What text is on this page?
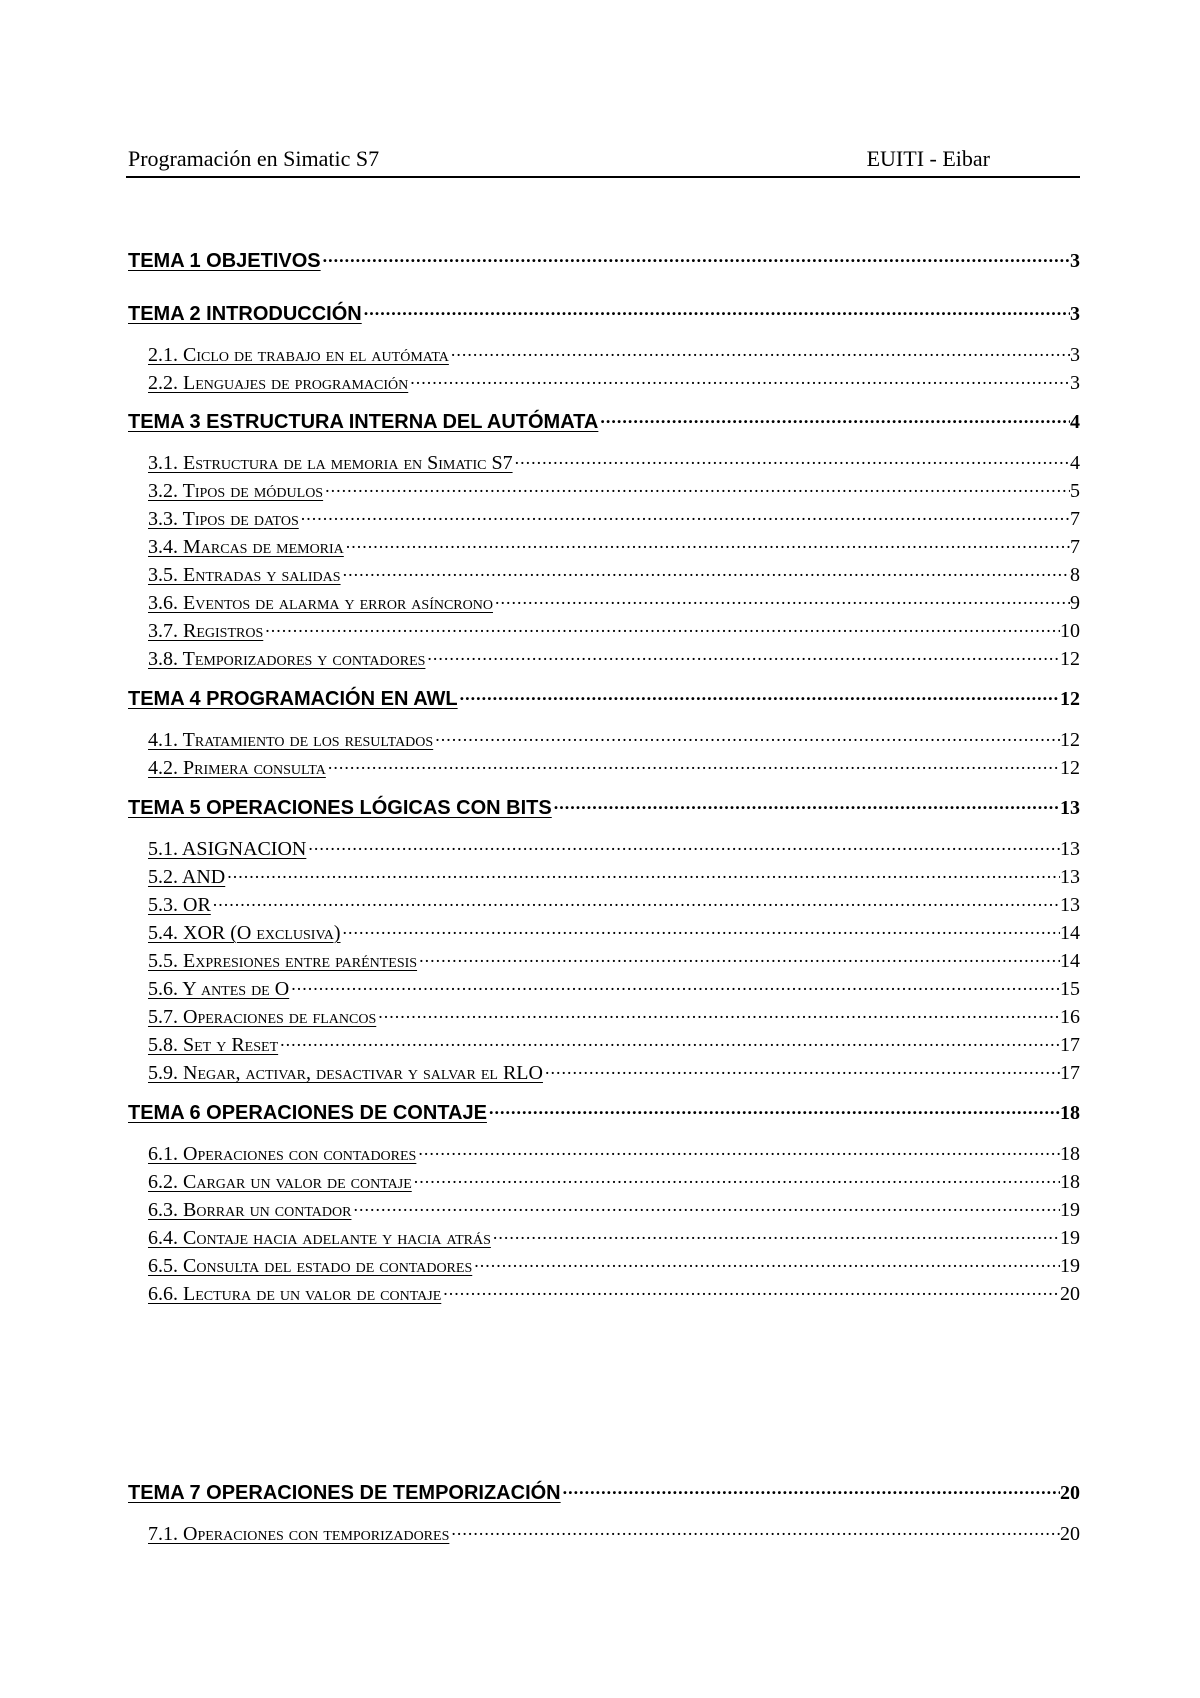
Programación en Simatic S7	EUITI - Eibar
TEMA 1 OBJETIVOS .....	3
TEMA 2 INTRODUCCIÓN .....	3
2.1. Ciclo de trabajo en el autómata .....	3
2.2. Lenguajes de programación .....	3
TEMA 3 ESTRUCTURA INTERNA DEL AUTÓMATA .....	4
3.1. Estructura de la memoria en Simatic S7 .....	4
3.2. Tipos de módulos .....	5
3.3. Tipos de datos .....	7
3.4. Marcas de memoria .....	7
3.5. Entradas y salidas .....	8
3.6. Eventos de alarma y error asíncrono .....	9
3.7. Registros .....	10
3.8. Temporizadores y contadores .....	12
TEMA 4 PROGRAMACIÓN EN AWL .....	12
4.1. Tratamiento de los resultados .....	12
4.2. Primera consulta .....	12
TEMA 5 OPERACIONES LÓGICAS CON BITS .....	13
5.1. ASIGNACION .....	13
5.2. AND .....	13
5.3. OR .....	13
5.4. XOR (O exclusiva) .....	14
5.5. Expresiones entre paréntesis .....	14
5.6. Y antes de O .....	15
5.7. Operaciones de flancos .....	16
5.8. Set y Reset .....	17
5.9. Negar, activar, desactivar y salvar el RLO .....	17
TEMA 6 OPERACIONES DE CONTAJE .....	18
6.1. Operaciones con contadores .....	18
6.2. Cargar un valor de contaje .....	18
6.3. Borrar un contador .....	19
6.4. Contaje hacia adelante y hacia atrás .....	19
6.5. Consulta del estado de contadores .....	19
6.6. Lectura de un valor de contaje .....	20
TEMA 7 OPERACIONES DE TEMPORIZACIÓN .....	20
7.1. Operaciones con temporizadores .....	20
